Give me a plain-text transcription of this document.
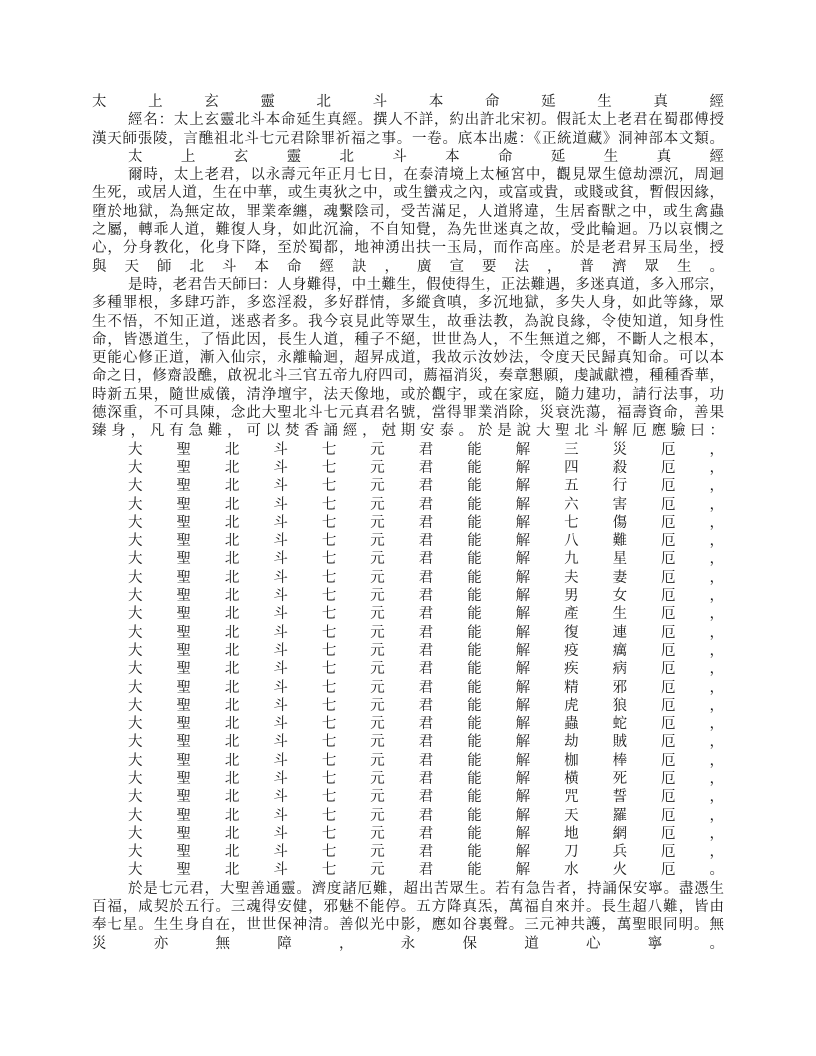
太上玄靈北斗本命延生真經
經名：太上玄靈北斗本命延生真經。撰人不詳，約出許北宋初。假託太上老君在蜀郡傅授
漢天師張陵，言醮祖北斗七元君除罪祈福之事。一卷。底本出處：《正統道藏》洞神部本文類。
太上玄靈北斗本命延生真經
爾時，太上老君，以永壽元年正月七日，在泰清境上太極宮中，觀見眾生億劫漂沉，周迴
生死，或居人道，生在中華，或生夷狄之中，或生蠻戎之內，或富或貴，或賤或貧，暫假因緣，
墮於地獄，為無定故，罪業牽纏，魂繫陰司，受苦滿足，人道將違，生居畜獸之中，或生禽蟲
之屬，轉乖人道，難復人身，如此沉淪，不自知覺，為先世迷真之故，受此輪迴。乃以哀憫之
心，分身教化，化身下降，至於蜀都，地神湧出扶一玉局，而作高座。於是老君昇玉局坐，授
與天師北斗本命經訣，廣宣要法，普濟眾生。
是時，老君告天師曰：人身難得，中土難生，假使得生，正法難遇，多迷真道，多入邢宗，
多種罪根，多肆巧詐，多恣淫殺，多好群情，多縱貪嗔，多沉地獄，多失人身，如此等緣，眾
生不悟，不知正道，迷惑者多。我今哀見此等眾生，故垂法教，為說良緣，令使知道，知身性
命，皆憑道生，了悟此因，長生人道，種子不絕，世世為人，不生無道之鄉，不斷人之根本，
更能心修正道，漸入仙宗，永離輪迴，超昇成道，我故示汝妙法，令度天民歸真知命。可以本
命之日，修齋設醮，啟祝北斗三官五帝九府四司，薦福消災，奏章懇願，虔誠獻禮，種種香華，
時新五果，隨世威儀，清浄壇宇，法天像地，或於觀宇，或在家庭，隨力建功，請行法事，功
德深重，不可具陳，念此大聖北斗七元真君名號，當得罪業消除，災衰洗蕩，福壽資命，善果
臻身，凡有急難，可以焚香誦經，尅期安泰。於是說大聖北斗解厄應驗曰：
大聖北斗七元君能解三災厄，
大聖北斗七元君能解四殺厄，
大聖北斗七元君能解五行厄，
大聖北斗七元君能解六害厄，
大聖北斗七元君能解七傷厄，
大聖北斗七元君能解八難厄，
大聖北斗七元君能解九星厄，
大聖北斗七元君能解夫妻厄，
大聖北斗七元君能解男女厄，
大聖北斗七元君能解產生厄，
大聖北斗七元君能解復連厄，
大聖北斗七元君能解疫癘厄，
大聖北斗七元君能解疾病厄，
大聖北斗七元君能解精邪厄，
大聖北斗七元君能解虎狼厄，
大聖北斗七元君能解蟲蛇厄，
大聖北斗七元君能解劫賊厄，
大聖北斗七元君能解枷棒厄，
大聖北斗七元君能解橫死厄，
大聖北斗七元君能解咒誓厄，
大聖北斗七元君能解天羅厄，
大聖北斗七元君能解地網厄，
大聖北斗七元君能解刀兵厄，
大聖北斗七元君能解水火厄。
於是七元君，大聖善通靈。濟度諸厄難，超出苦眾生。若有急告者，持誦保安寧。盡憑生
百福，咸契於五行。三魂得安健，邪魅不能停。五方降真炁，萬福自來并。長生超八難，皆由
奉七星。生生身自在，世世保神清。善似光中影，應如谷裏聲。三元神共護，萬聖眼同明。無
災亦無障，永保道心寧。
